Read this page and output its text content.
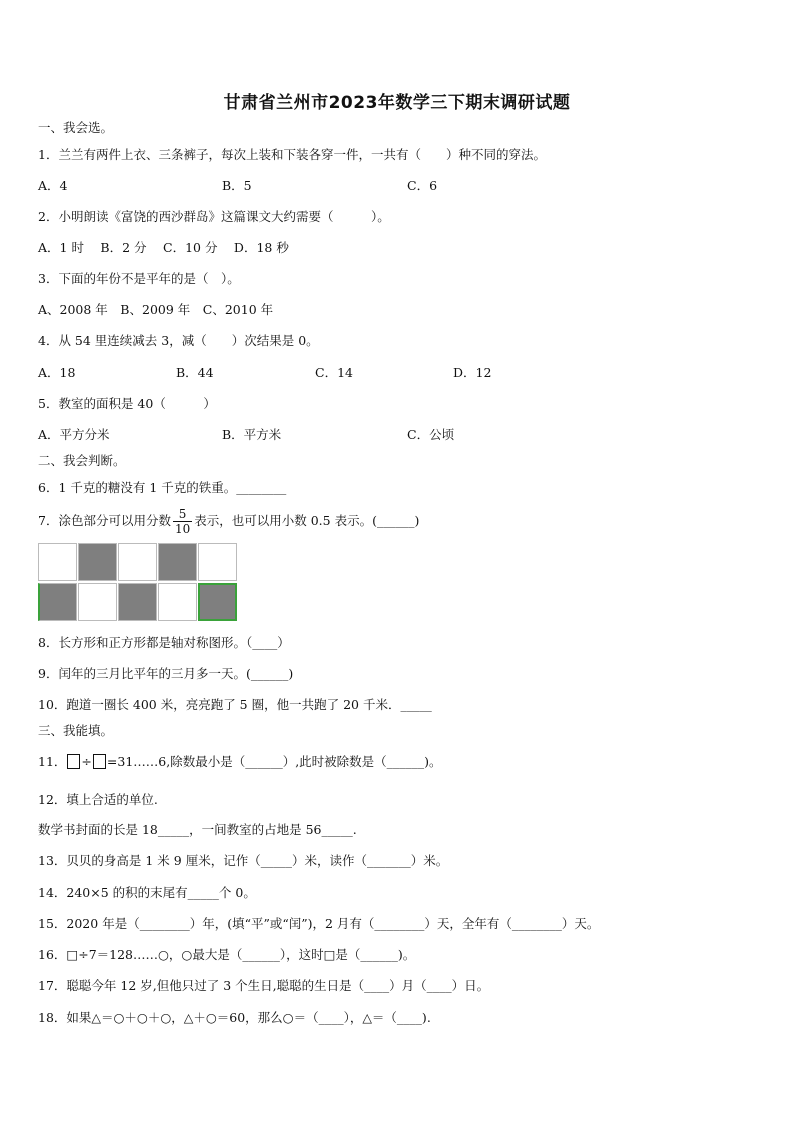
甘肃省兰州市2023年数学三下期末调研试题
一、我会选。
1．兰兰有两件上衣、三条裤子，每次上装和下装各穿一件，一共有（　　）种不同的穿法。
A．4	B．5	C．6
2．小明朗读《富饶的西沙群岛》这篇课文大约需要（　　　）。
A．1 时　 B．2 分　 C．10 分　 D．18 秒
3．下面的年份不是平年的是（　）。
A、2008 年　B、2009 年　C、2010 年
4．从 54 里连续减去 3，减（　　）次结果是 0。
A．18	B．44	C．14	D．12
5．教室的面积是 40（　　　）
A．平方分米	B．平方米	C．公顷
二、我会判断。
6．1 千克的糖没有 1 千克的铁重。________
7．涂色部分可以用分数 $\frac{5}{10}$ 表示，也可以用小数 0.5 表示。(______)
8．长方形和正方形都是轴对称图形。（____）
9．闰年的三月比平年的三月多一天。(______)
10．跑道一圈长 400 米，亮亮跑了 5 圈，他一共跑了 20 千米．_____
三、我能填。
11． ÷ =31……6,除数最小是（______）,此时被除数是（______)。
12．填上合适的单位.
数学书封面的长是 18_____，一间教室的占地是 56_____.
13．贝贝的身高是 1 米 9 厘米，记作（_____）米，读作（_______）米。
14．240×5 的积的末尾有_____个 0。
15．2020 年是（________）年，(填“平”或“闰”)，2 月有（________）天，全年有（________）天。
16．□÷7＝128……○，○最大是（______），这时□是（______)。
17．聪聪今年 12 岁,但他只过了 3 个生日,聪聪的生日是（____）月（____）日。
18．如果△＝○＋○＋○，△＋○＝60，那么○＝（____），△＝（____).
